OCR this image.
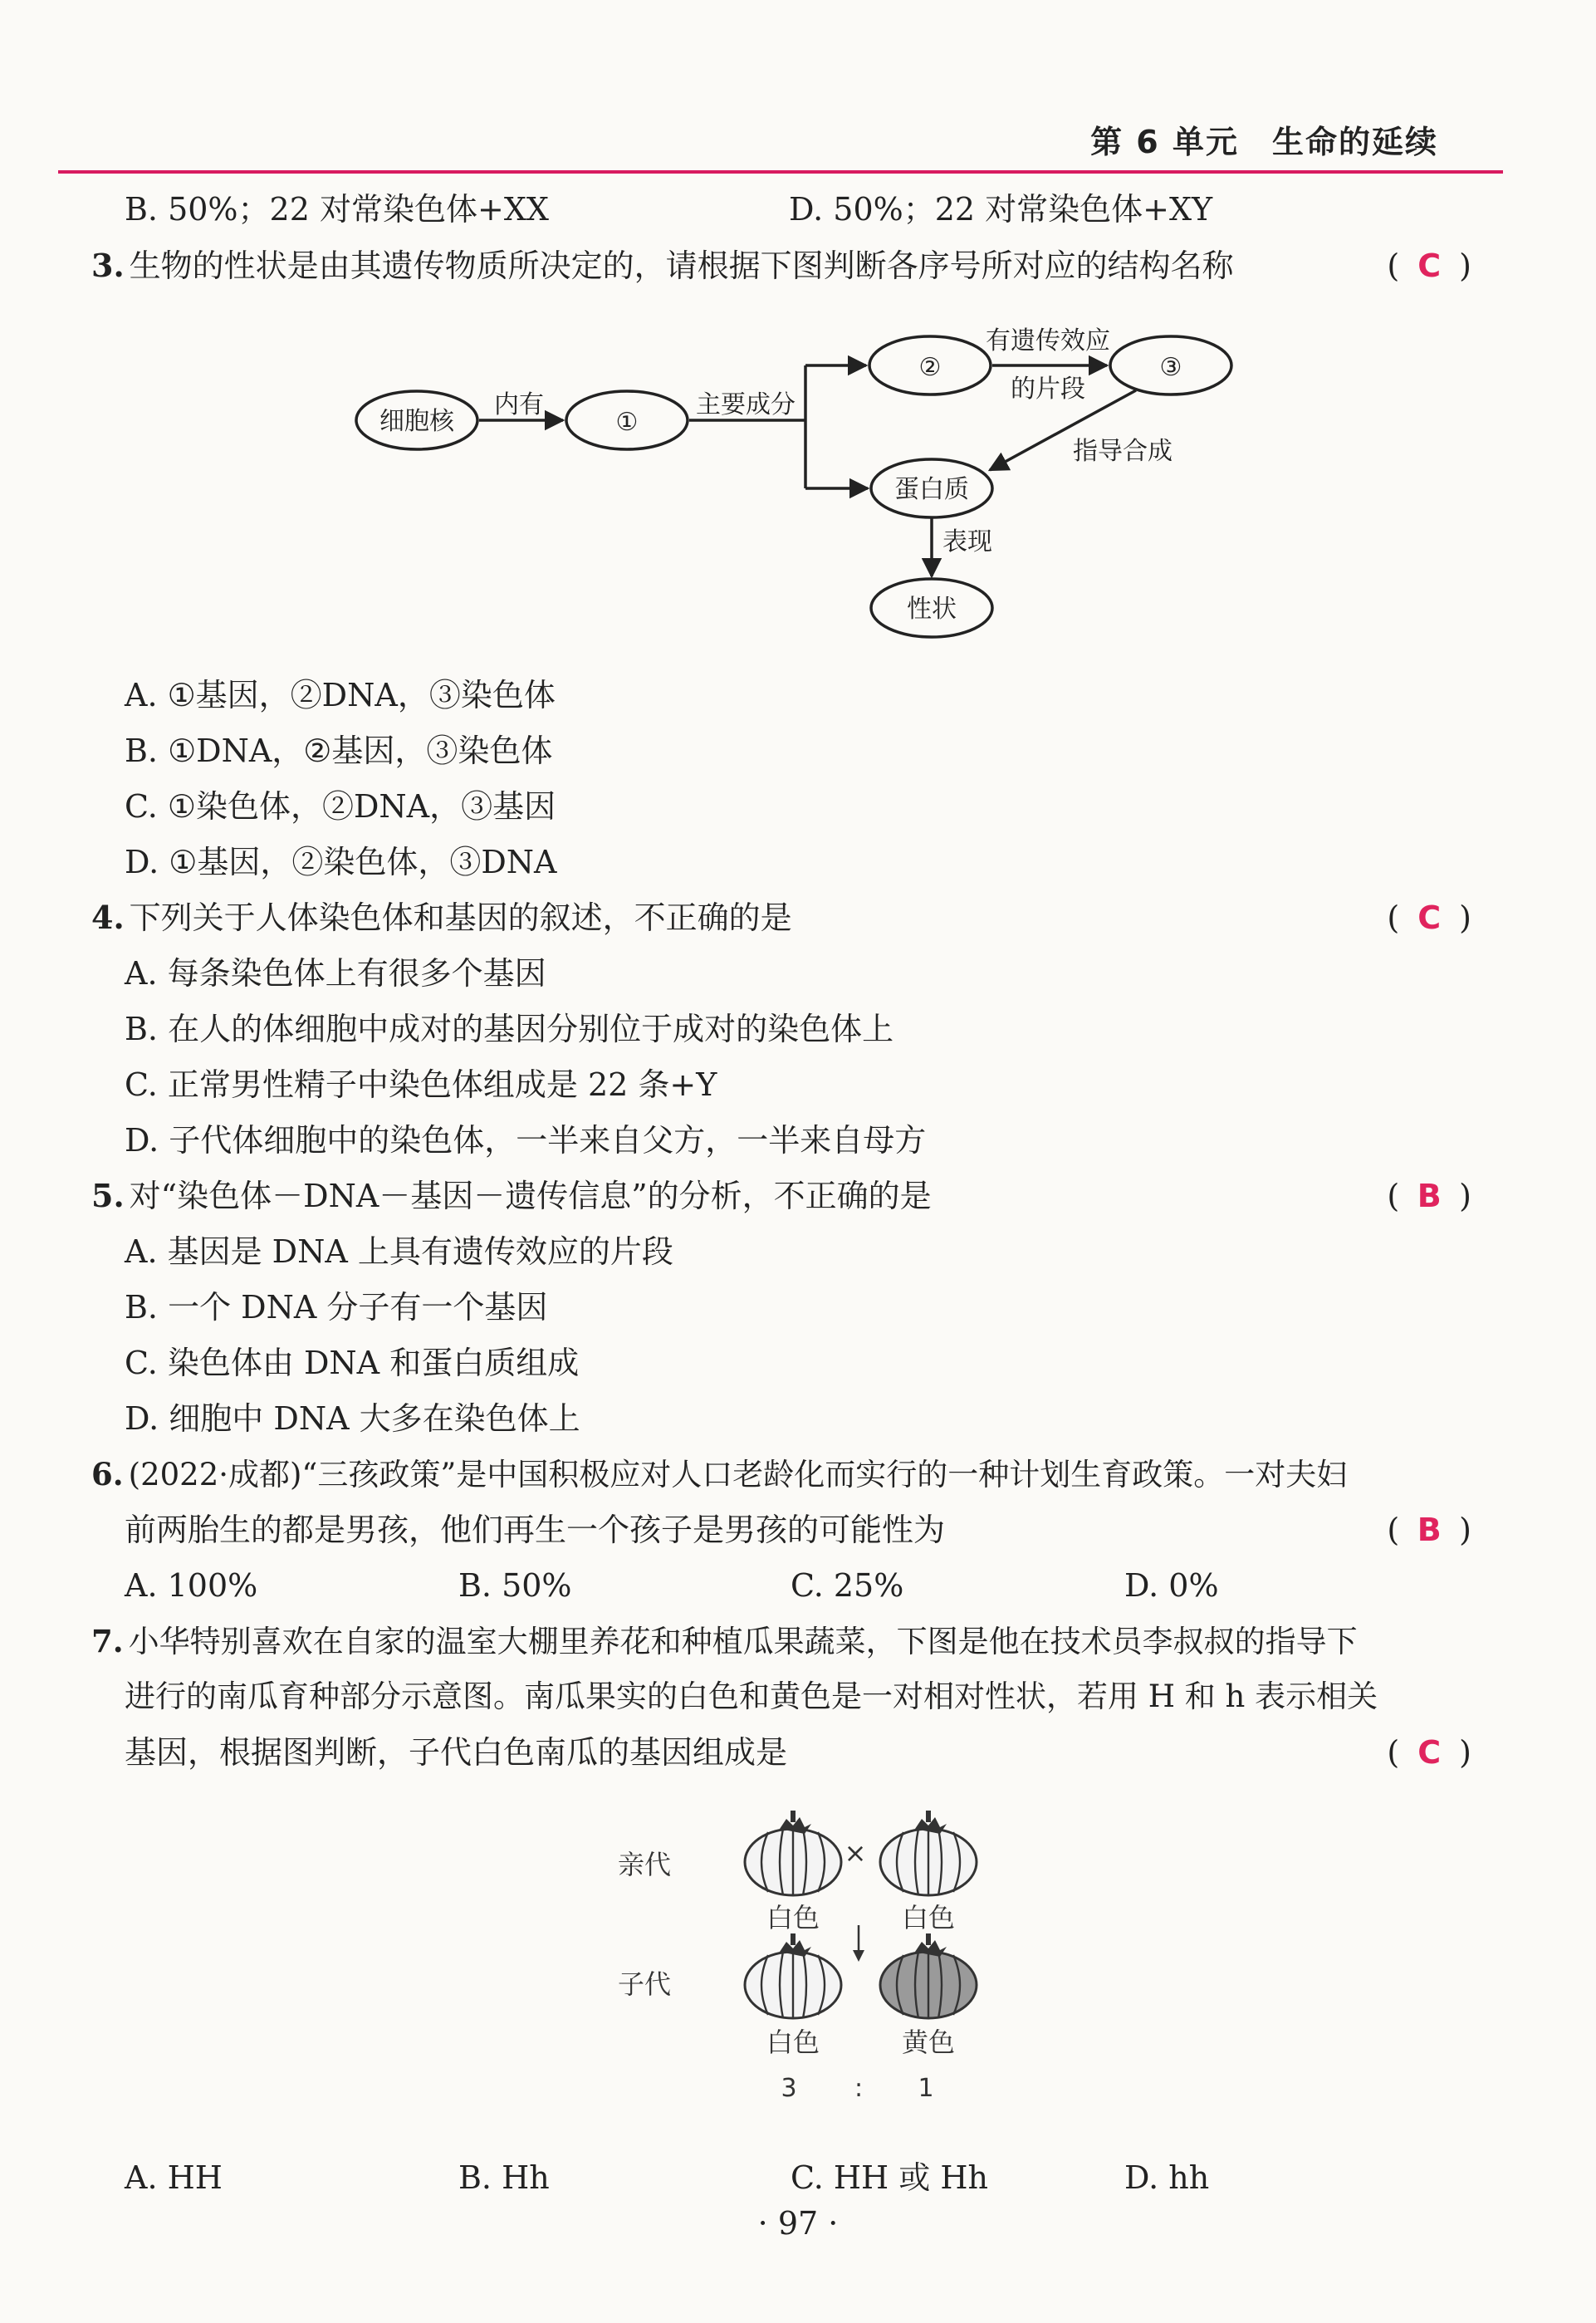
第 6 单元 生命的延续
B. 50%；22 对常染色体+XX	D. 50%；22 对常染色体+XY
3. 生物的性状是由其遗传物质所决定的，请根据下图判断各序号所对应的结构名称	( C )
细胞核
内有
①
主要成分
②
有遗传效应
的片段
③
指导合成
蛋白质
表现
性状
A. ①基因，②DNA，③染色体
B. ①DNA，②基因，③染色体
C. ①染色体，②DNA，③基因
D. ①基因，②染色体，③DNA
4. 下列关于人体染色体和基因的叙述，不正确的是	( C )
A. 每条染色体上有很多个基因
B. 在人的体细胞中成对的基因分别位于成对的染色体上
C. 正常男性精子中染色体组成是 22 条+Y
D. 子代体细胞中的染色体，一半来自父方，一半来自母方
5. 对“染色体－DNA－基因－遗传信息”的分析，不正确的是	( B )
A. 基因是 DNA 上具有遗传效应的片段
B. 一个 DNA 分子有一个基因
C. 染色体由 DNA 和蛋白质组成
D. 细胞中 DNA 大多在染色体上
6. (2022·成都)“三孩政策”是中国积极应对人口老龄化而实行的一种计划生育政策。一对夫妇
前两胎生的都是男孩，他们再生一个孩子是男孩的可能性为	( B )
A. 100%	B. 50%	C. 25%	D. 0%
7. 小华特别喜欢在自家的温室大棚里养花和种植瓜果蔬菜，下图是他在技术员李叔叔的指导下
进行的南瓜育种部分示意图。南瓜果实的白色和黄色是一对相对性状，若用 H 和 h 表示相关
基因，根据图判断，子代白色南瓜的基因组成是	( C )
亲代
子代
×
白色	白色
白色	黄色
3 : 1
A. HH	B. Hh	C. HH 或 Hh	D. hh
· 97 ·
